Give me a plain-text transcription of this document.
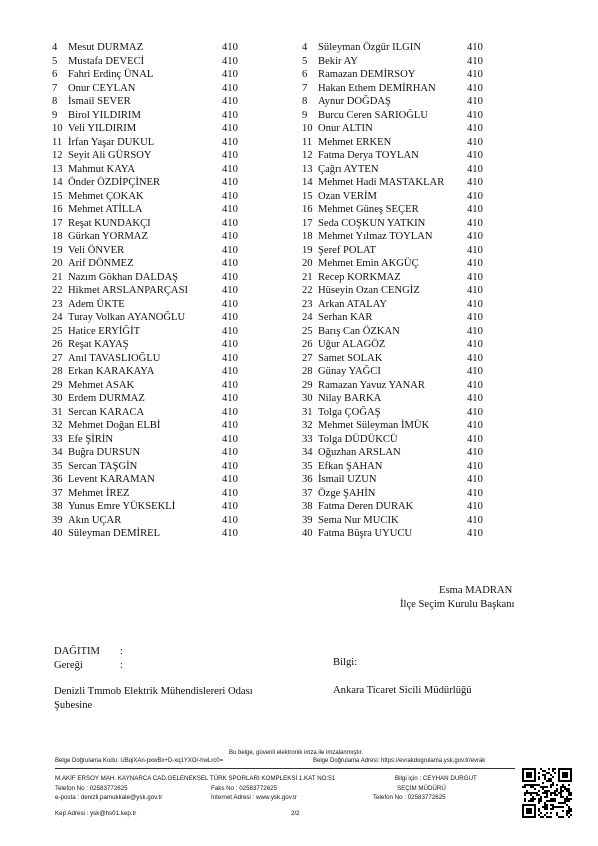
4	Mesut DURMAZ	410
5	Mustafa DEVECİ	410
6	Fahri Erdinç ÜNAL	410
7	Onur CEYLAN	410
8	İsmail SEVER	410
9	Birol YILDIRIM	410
10 Veli YILDIRIM	410
11 İrfan Yaşar DUKUL	410
12 Seyit Ali GÜRSOY	410
13 Mahmut KAYA	410
14 Önder ÖZDİPÇİNER	410
15 Mehmet ÇOKAK	410
16 Mehmet ATİLLA	410
17 Reşat KUNDAKÇI	410
18 Gürkan YORMAZ	410
19 Veli ÖNVER	410
20 Arif DÖNMEZ	410
21 Nazım Gökhan DALDAŞ	410
22 Hikmet ARSLANPARÇASI	410
23 Adem ÜKTE	410
24 Turay Volkan AYANOĞLU	410
25 Hatice ERYİĞİT	410
26 Reşat KAYAŞ	410
27 Anıl TAVASLIOĞLU	410
28 Erkan KARAKAYA	410
29 Mehmet ASAK	410
30 Erdem DURMAZ	410
31 Sercan KARACA	410
32 Mehmet Doğan ELBİ	410
33 Efe ŞİRİN	410
34 Buğra DURSUN	410
35 Sercan TAŞGİN	410
36 Levent KARAMAN	410
37 Mehmet İREZ	410
38 Yunus Emre YÜKSEKLİ	410
39 Akın UÇAR	410
40 Süleyman DEMİREL	410
4	Süleyman Özgür ILGIN	410
5	Bekir AY	410
6	Ramazan DEMİRSOY	410
7	Hakan Ethem DEMİRHAN	410
8	Aynur DOĞDAŞ	410
9	Burcu Ceren SARIOĞLU	410
10 Onur ALTIN	410
11 Mehmet ERKEN	410
12 Fatma Derya TOYLAN	410
13 Çağrı AYTEN	410
14 Mehmet Hadi MASTAKLAR	410
15 Ozan VERİM	410
16 Mehmet Güneş SEÇER	410
17 Seda COŞKUN YATKIN	410
18 Mehmet Yılmaz TOYLAN	410
19 Şeref POLAT	410
20 Mehmet Emin AKGÜÇ	410
21 Recep KORKMAZ	410
22 Hüseyin Ozan CENGİZ	410
23 Arkan ATALAY	410
24 Serhan KAR	410
25 Barış Can ÖZKAN	410
26 Uğur ALAGÖZ	410
27 Samet SOLAK	410
28 Günay YAĞCI	410
29 Ramazan Yavuz YANAR	410
30 Nilay BARKA	410
31 Tolga ÇOĞAŞ	410
32 Mehmet Süleyman İMÜK	410
33 Tolga DÜDÜKCÜ	410
34 Oğuzhan ARSLAN	410
35 Efkan ŞAHAN	410
36 İsmail UZUN	410
37 Özge ŞAHİN	410
38 Fatma Deren DURAK	410
39 Sema Nur MUCIK	410
40 Fatma Büşra UYUCU	410
Esma MADRAN
İlçe Seçim Kurulu Başkanı
DAĞITIM :
Gereği	:	Bilgi:
Denizli Tmmob Elektrik Mühendislereri Odası Şubesine
Ankara Ticaret Sicili Müdürlüğü
Bu belge, güvenli elektronik imza ile imzalanmıştır.
Belge Doğrulama Kodu: UBqiXAn-pxwBx+D-xq1YXO/-hwLrc0=	Belge Doğrulama Adresi: https://evrakdogrulama.ysk.gov.tr/evrak
M.AKİF ERSOY MAH. KAYNARCA CAD.GELENEKSEL TÜRK SPORLARI KOMPLEKSİ 1.KAT NO:51	Bilgi için : CEYHAN DURGUT
Telefon No : 02583772625	Faks No : 02583772625	SEÇİM MÜDÜRÜ
e-posta : denizli.pamukkale@ysk.gov.tr	İnternet Adresi : www.ysk.gov.tr	Telefon No : 02583772625
Kep Adresi : ysk@hs01.kep.tr	2/2
